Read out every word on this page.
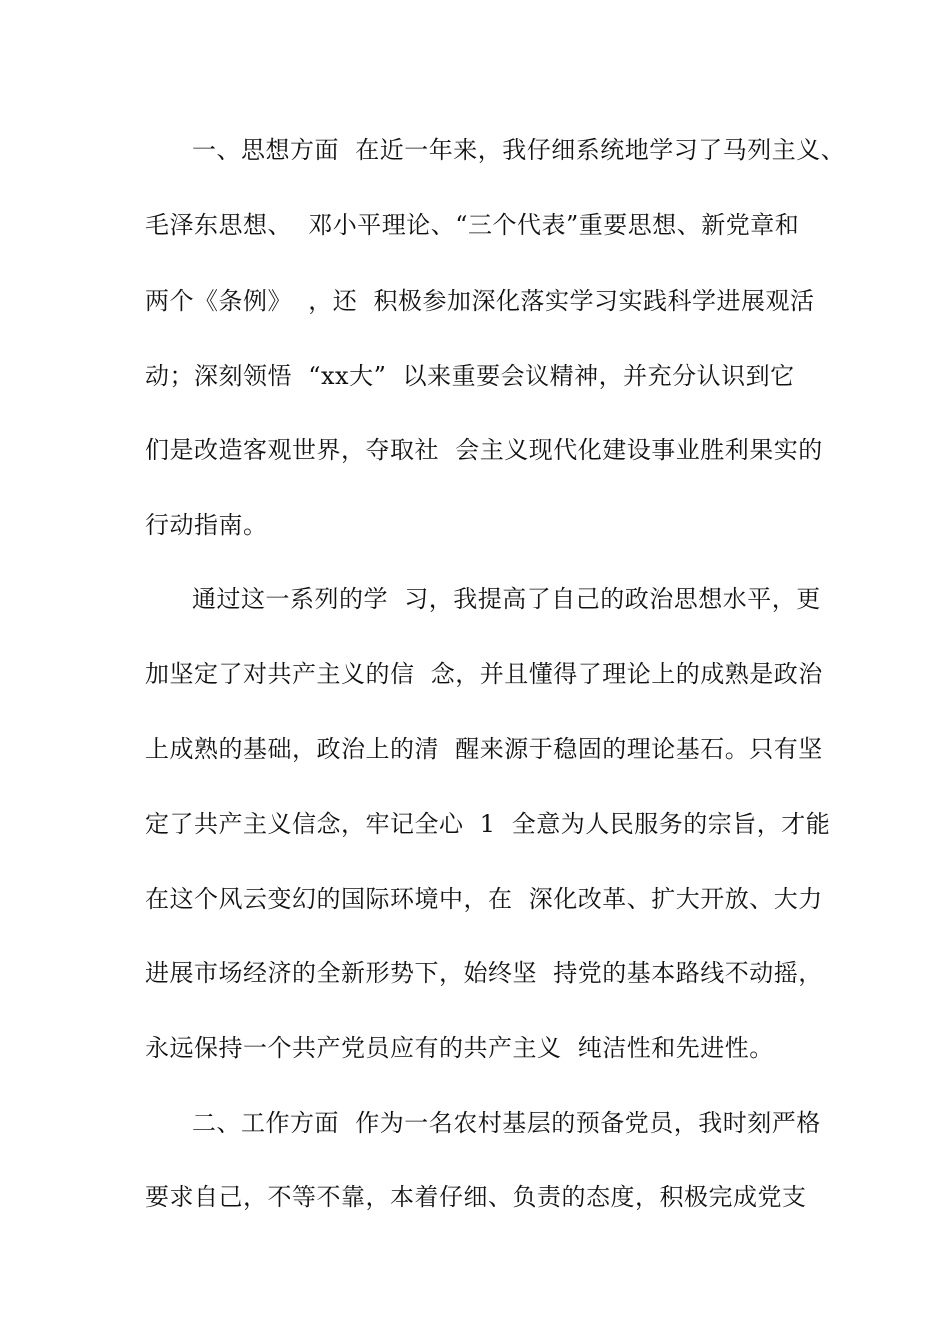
一、思想方面  在近一年来，我仔细系统地学习了马列主义、
毛泽东思想、  邓小平理论、“三个代表”重要思想、新党章和
两个《条例》  ，还  积极参加深化落实学习实践科学进展观活
动；深刻领悟  “xx大”  以来重要会议精神，并充分认识到它
们是改造客观世界，夺取社  会主义现代化建设事业胜利果实的
行动指南。
通过这一系列的学  习，我提高了自己的政治思想水平，更
加坚定了对共产主义的信  念，并且懂得了理论上的成熟是政治
上成熟的基础，政治上的清  醒来源于稳固的理论基石。只有坚
定了共产主义信念，牢记全心  1  全意为人民服务的宗旨，才能
在这个风云变幻的国际环境中，在  深化改革、扩大开放、大力
进展市场经济的全新形势下，始终坚  持党的基本路线不动摇，
永远保持一个共产党员应有的共产主义  纯洁性和先进性。
二、工作方面  作为一名农村基层的预备党员，我时刻严格
要求自己，不等不靠，本着仔细、负责的态度，积极完成党支
